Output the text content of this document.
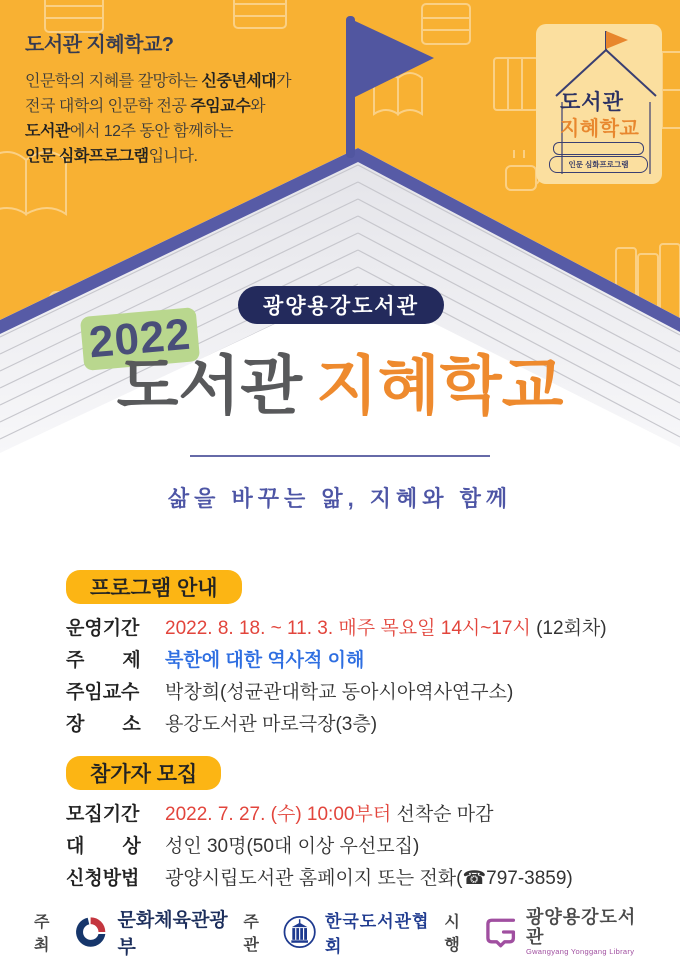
도서관 지혜학교?
인문학의 지혜를 갈망하는 신중년세대가
전국 대학의 인문학 전공 주임교수와
도서관에서 12주 동안 함께하는
인문 심화프로그램입니다.
도서관
지혜학교
인문 심화프로그램
광양용강도서관
2022
도서관 지혜학교
삶을 바꾸는 앎, 지혜와 함께
프로그램 안내
운영기간 2022. 8. 18. ~ 11. 3. 매주 목요일 14시~17시 (12회차)
주　　제 북한에 대한 역사적 이해
주임교수 박창희(성균관대학교 동아시아역사연구소)
장　　소 용강도서관 마로극장(3층)
참가자 모집
모집기간 2022. 7. 27. (수) 10:00부터 선착순 마감
대　　상 성인 30명(50대 이상 우선모집)
신청방법 광양시립도서관 홈페이지 또는 전화(☎797-3859)
주최
문화체육관광부
주관
한국도서관협회
시행
광양용강도서관
Gwangyang Yonggang Library
